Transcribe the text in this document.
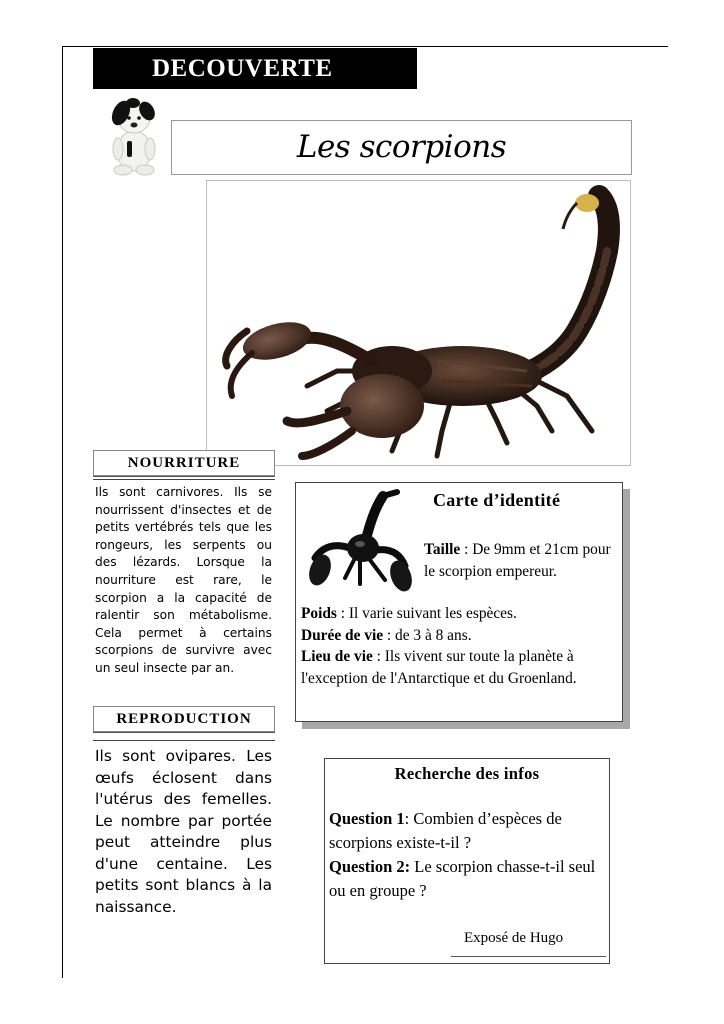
DECOUVERTE
Les scorpions
NOURRITURE
Ils sont carnivores. Ils se nourrissent d'insectes et de petits vertébrés tels que les rongeurs, les serpents ou des lézards. Lorsque la nourriture est rare, le scorpion a la capacité de ralentir son métabolisme. Cela permet à certains scorpions de survivre avec un seul insecte par an.
REPRODUCTION
Ils sont ovipares. Les œufs éclosent dans l'utérus des femelles. Le nombre par portée peut atteindre plus d'une centaine. Les petits sont blancs à la naissance.
Carte d’identité
Taille : De 9mm et 21cm pour le scorpion empereur.
Poids : Il varie suivant les espèces.
Durée de vie : de 3 à 8 ans.
Lieu de vie : Ils vivent sur toute la planète à l'exception de l'Antarctique et du Groenland.
Recherche des infos
Question 1: Combien d’espèces de scorpions existe-t-il ?
Question 2: Le scorpion chasse-t-il seul ou en groupe ?
Exposé de Hugo
